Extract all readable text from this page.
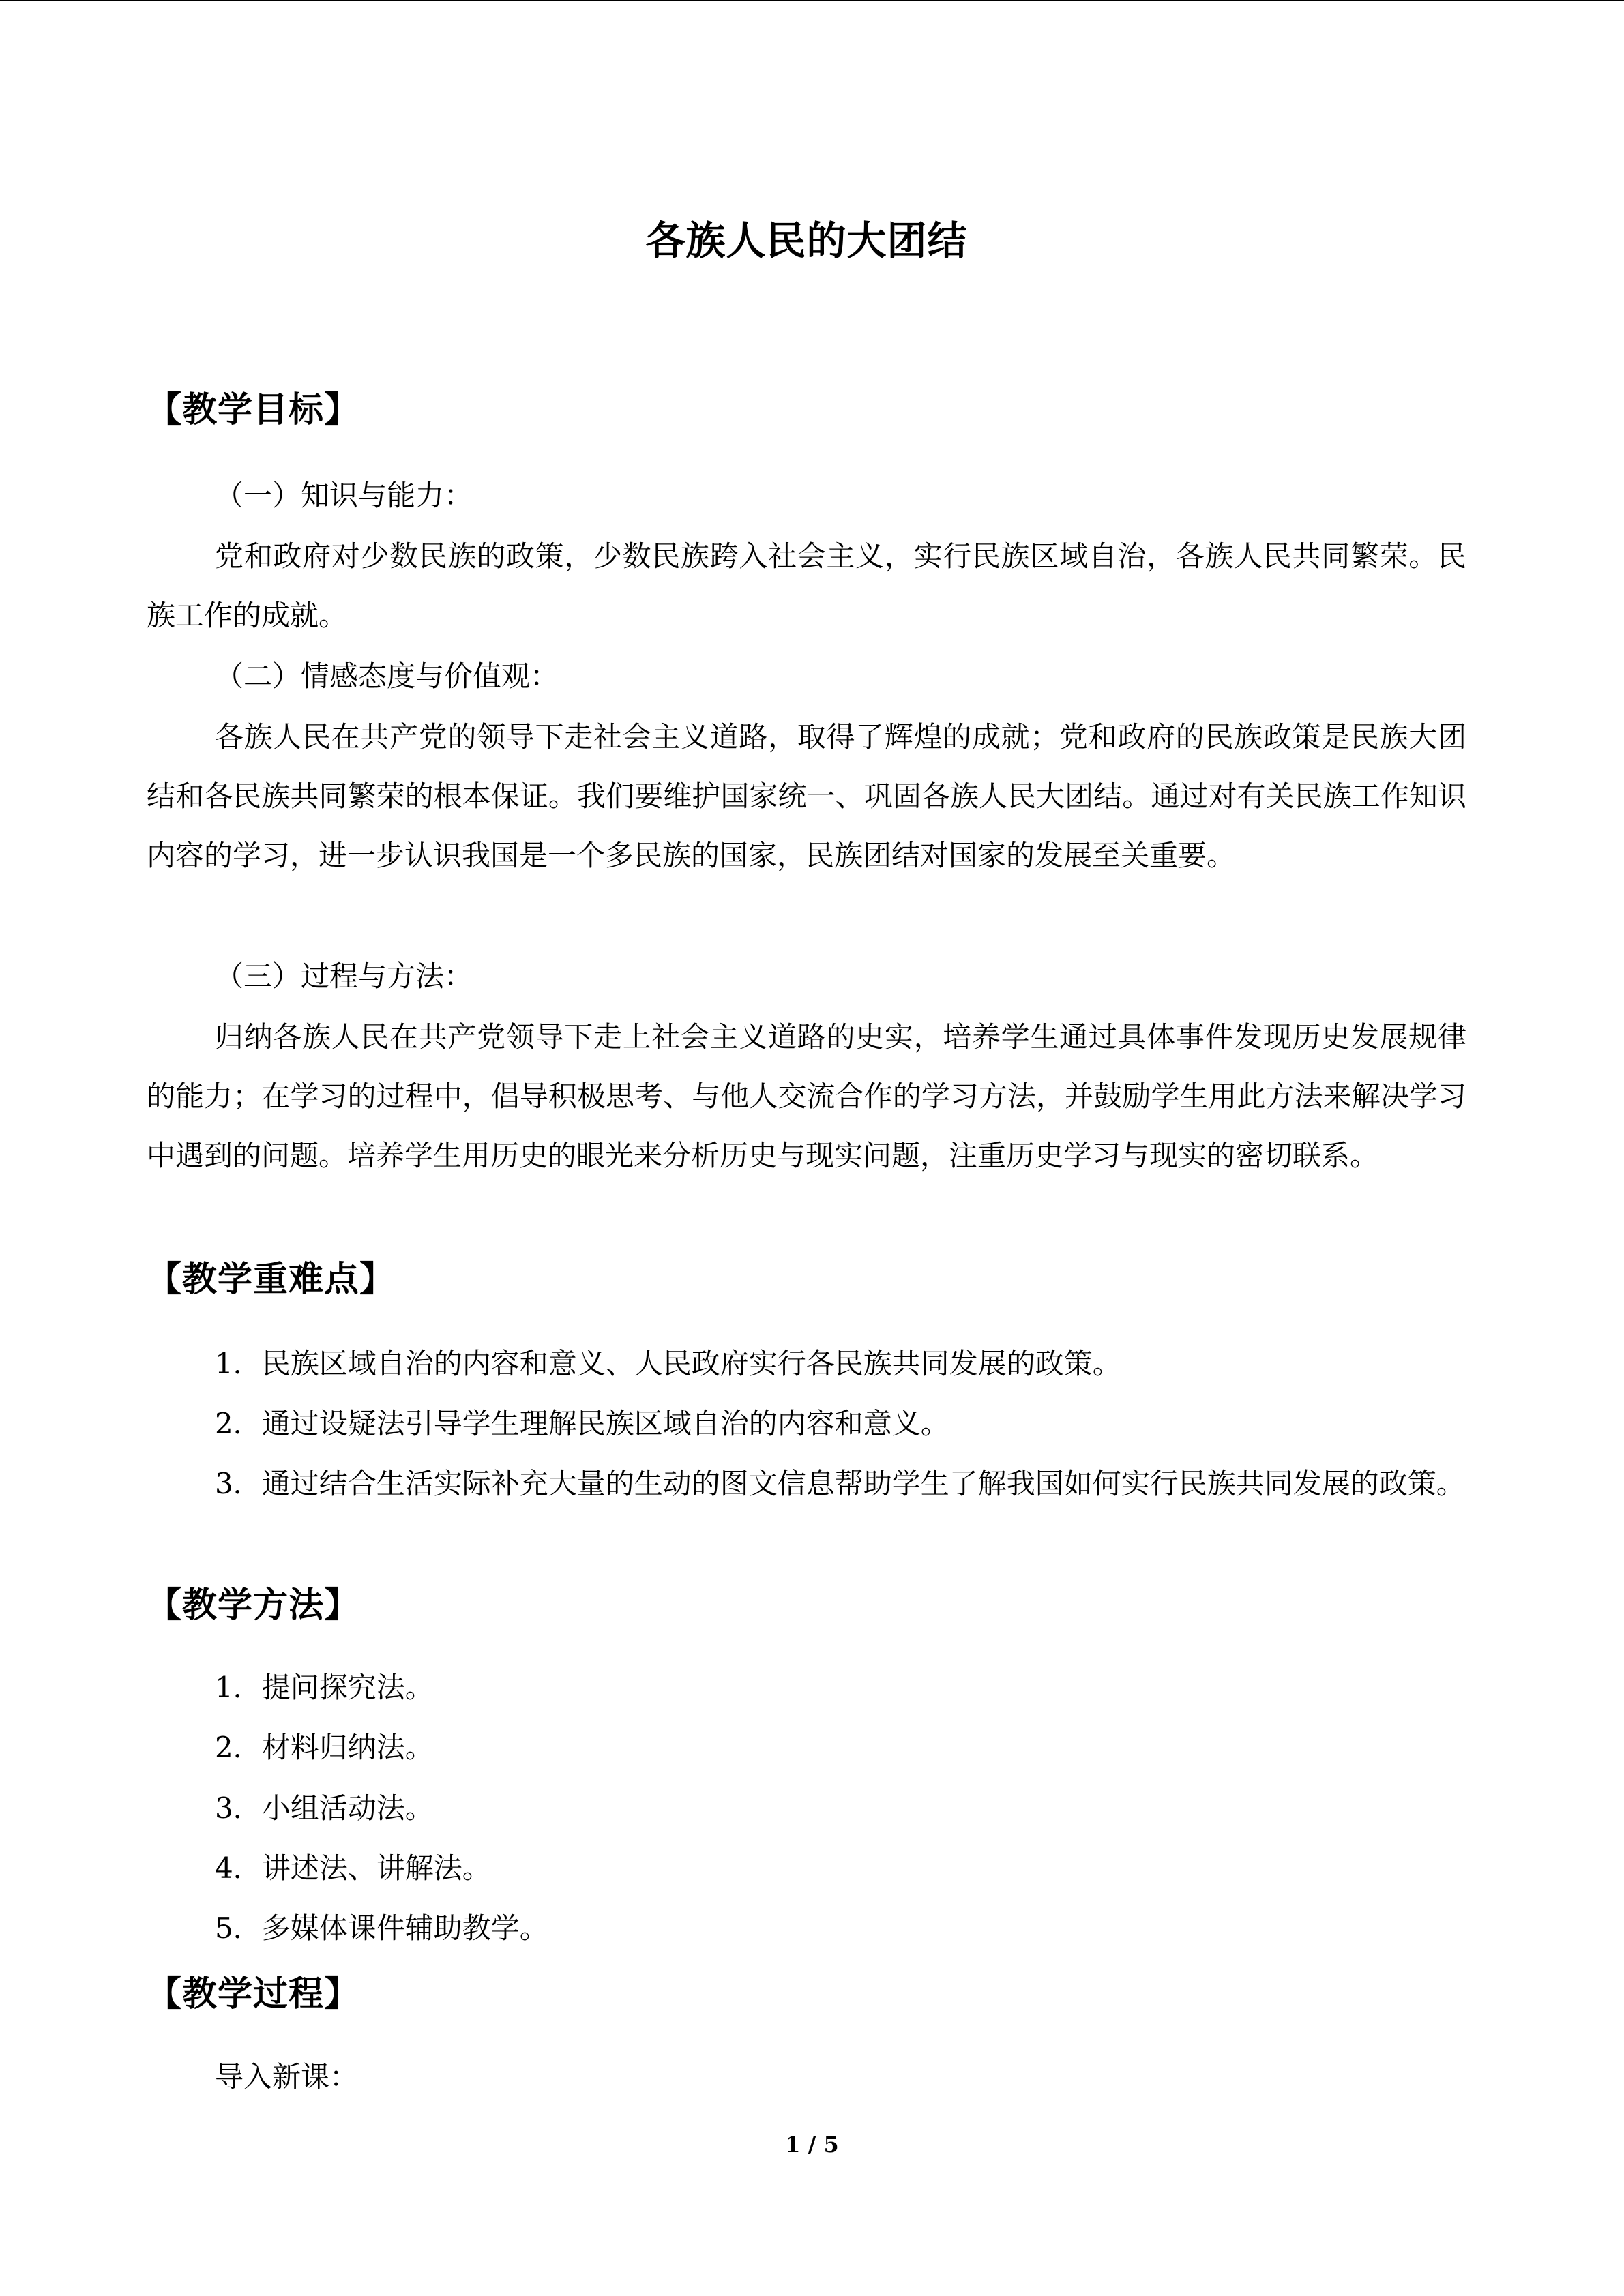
各族人民的大团结
【教学目标】
（一）知识与能力：
党和政府对少数民族的政策，少数民族跨入社会主义，实行民族区域自治，各族人民共同繁荣。民族工作的成就。
（二）情感态度与价值观：
各族人民在共产党的领导下走社会主义道路，取得了辉煌的成就；党和政府的民族政策是民族大团结和各民族共同繁荣的根本保证。我们要维护国家统一、巩固各族人民大团结。通过对有关民族工作知识内容的学习，进一步认识我国是一个多民族的国家，民族团结对国家的发展至关重要。
（三）过程与方法：
归纳各族人民在共产党领导下走上社会主义道路的史实，培养学生通过具体事件发现历史发展规律的能力；在学习的过程中，倡导积极思考、与他人交流合作的学习方法，并鼓励学生用此方法来解决学习中遇到的问题。培养学生用历史的眼光来分析历史与现实问题，注重历史学习与现实的密切联系。
【教学重难点】
1．民族区域自治的内容和意义、人民政府实行各民族共同发展的政策。
2．通过设疑法引导学生理解民族区域自治的内容和意义。
3．通过结合生活实际补充大量的生动的图文信息帮助学生了解我国如何实行民族共同发展的政策。
【教学方法】
1．提问探究法。
2．材料归纳法。
3．小组活动法。
4．讲述法、讲解法。
5．多媒体课件辅助教学。
【教学过程】
导入新课：
1 / 5
